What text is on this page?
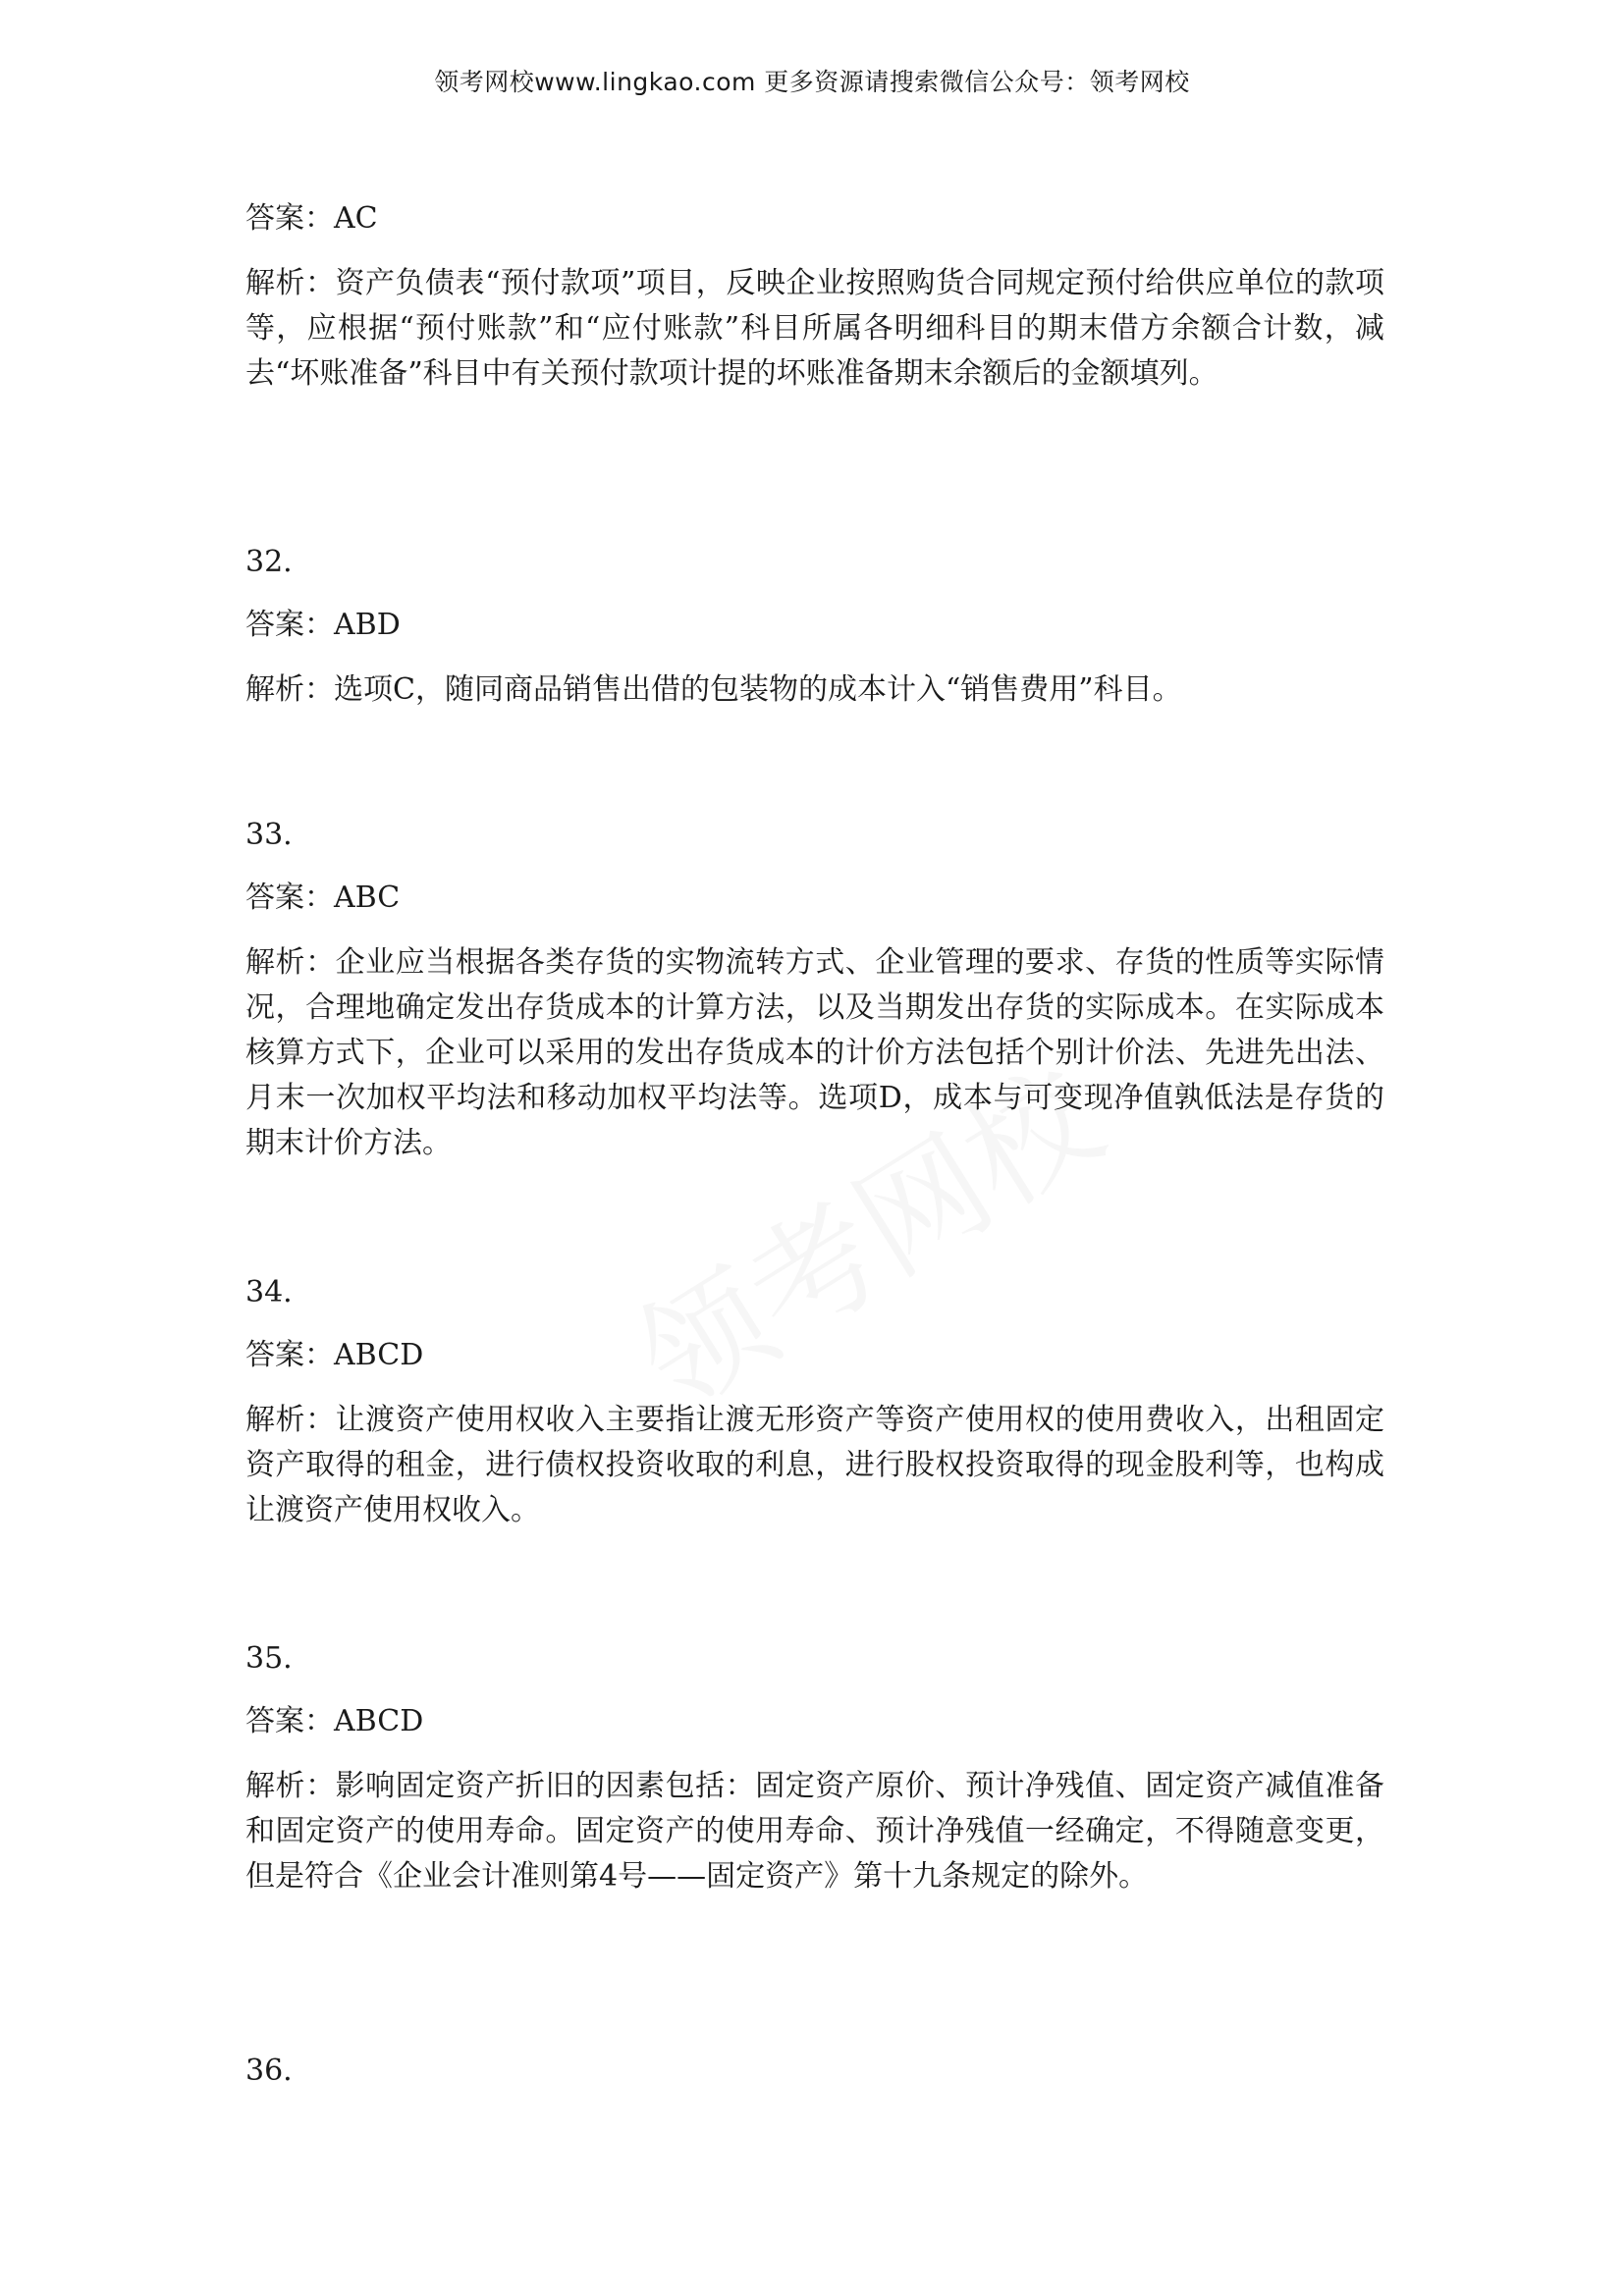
领考网校www.lingkao.com 更多资源请搜索微信公众号：领考网校

答案：AC

解析：资产负债表“预付款项”项目，反映企业按照购货合同规定预付给供应单位的款项等，应根据“预付账款”和“应付账款”科目所属各明细科目的期末借方余额合计数，减去“坏账准备”科目中有关预付款项计提的坏账准备期末余额后的金额填列。

32.

答案：ABD

解析：选项C，随同商品销售出借的包装物的成本计入“销售费用”科目。

33.

答案：ABC

解析：企业应当根据各类存货的实物流转方式、企业管理的要求、存货的性质等实际情况，合理地确定发出存货成本的计算方法，以及当期发出存货的实际成本。在实际成本核算方式下，企业可以采用的发出存货成本的计价方法包括个别计价法、先进先出法、月末一次加权平均法和移动加权平均法等。选项D，成本与可变现净值孰低法是存货的期末计价方法。

34.

答案：ABCD

解析：让渡资产使用权收入主要指让渡无形资产等资产使用权的使用费收入，出租固定资产取得的租金，进行债权投资收取的利息，进行股权投资取得的现金股利等，也构成让渡资产使用权收入。

35.

答案：ABCD

解析：影响固定资产折旧的因素包括：固定资产原价、预计净残值、固定资产减值准备和固定资产的使用寿命。固定资产的使用寿命、预计净残值一经确定，不得随意变更，但是符合《企业会计准则第4号——固定资产》第十九条规定的除外。

36.
